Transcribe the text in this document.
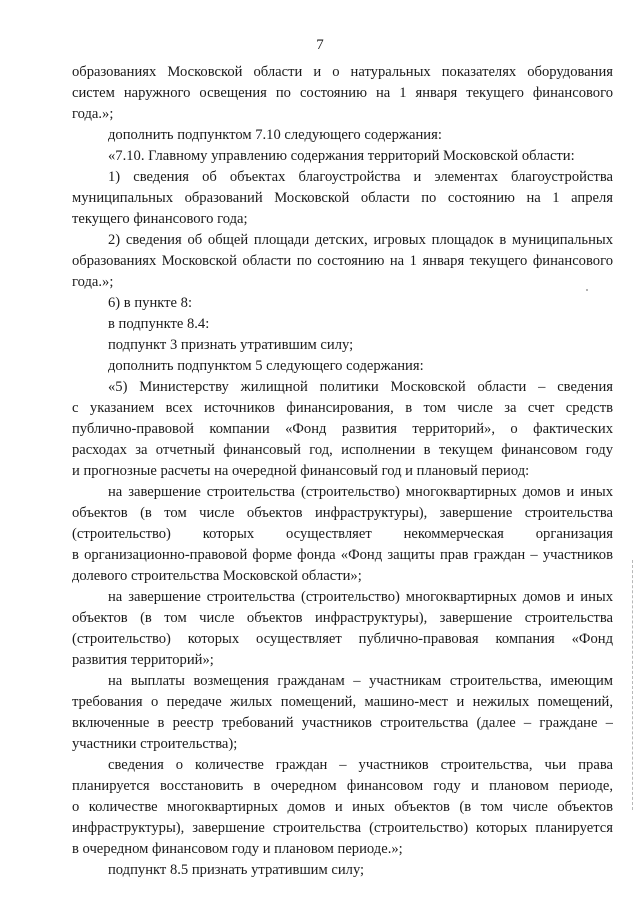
7
образованиях Московской области и о натуральных показателях оборудования
систем наружного освещения по состоянию на 1 января текущего финансового
года.»;
дополнить подпунктом 7.10 следующего содержания:
«7.10. Главному управлению содержания территорий Московской области:
1) сведения об объектах благоустройства и элементах благоустройства
муниципальных образований Московской области по состоянию на 1 апреля
текущего финансового года;
2) сведения об общей площади детских, игровых площадок в муниципальных
образованиях Московской области по состоянию на 1 января текущего финансового
года.»;
6) в пункте 8:
в подпункте 8.4:
подпункт 3 признать утратившим силу;
дополнить подпунктом 5 следующего содержания:
«5) Министерству жилищной политики Московской области – сведения
с указанием всех источников финансирования, в том числе за счет средств
публично-правовой компании «Фонд развития территорий», о фактических
расходах за отчетный финансовый год, исполнении в текущем финансовом году
и прогнозные расчеты на очередной финансовый год и плановый период:
на завершение строительства (строительство) многоквартирных домов и иных
объектов (в том числе объектов инфраструктуры), завершение строительства
(строительство) которых осуществляет некоммерческая организация
в организационно-правовой форме фонда «Фонд защиты прав граждан – участников
долевого строительства Московской области»;
на завершение строительства (строительство) многоквартирных домов и иных
объектов (в том числе объектов инфраструктуры), завершение строительства
(строительство) которых осуществляет публично-правовая компания «Фонд
развития территорий»;
на выплаты возмещения гражданам – участникам строительства, имеющим
требования о передаче жилых помещений, машино-мест и нежилых помещений,
включенные в реестр требований участников строительства (далее – граждане –
участники строительства);
сведения о количестве граждан – участников строительства, чьи права
планируется восстановить в очередном финансовом году и плановом периоде,
о количестве многоквартирных домов и иных объектов (в том числе объектов
инфраструктуры), завершение строительства (строительство) которых планируется
в очередном финансовом году и плановом периоде.»;
подпункт 8.5 признать утратившим силу;
